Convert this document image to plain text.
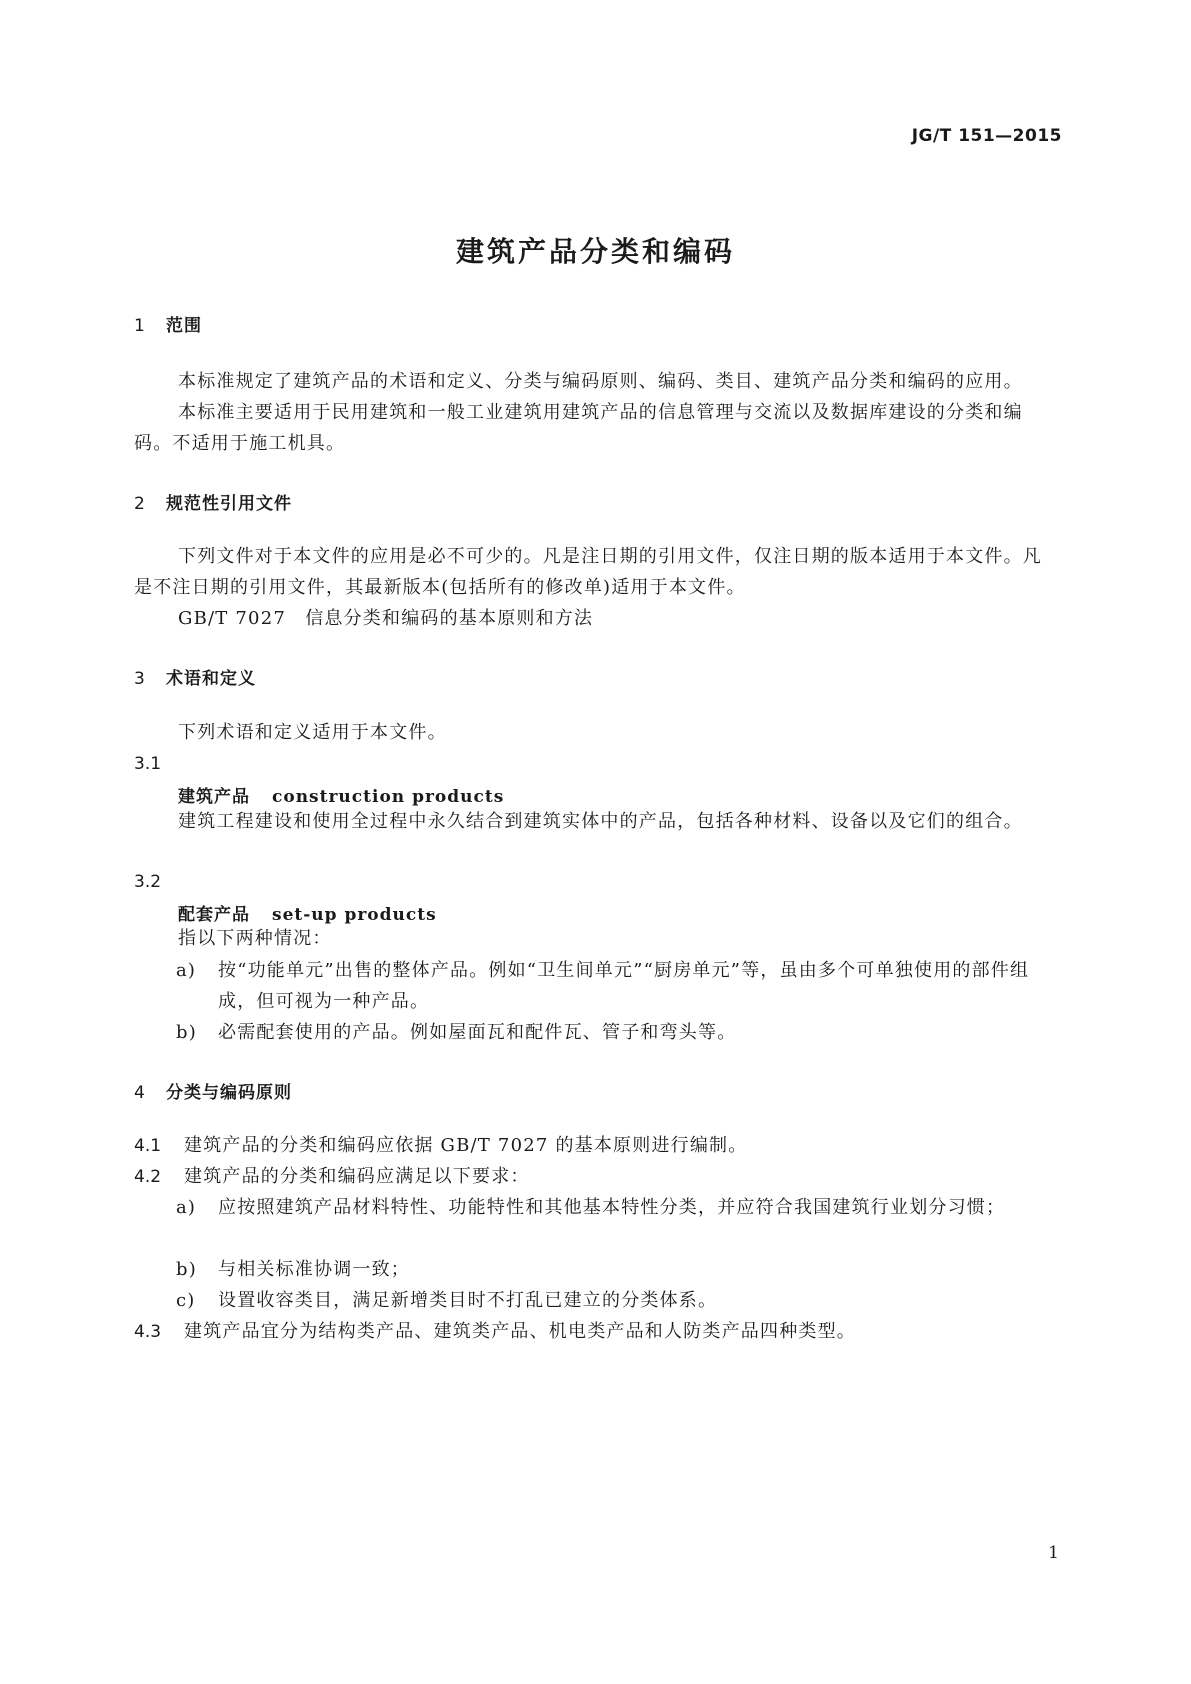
JG/T 151—2015
建筑产品分类和编码
1 范围
本标准规定了建筑产品的术语和定义、分类与编码原则、编码、类目、建筑产品分类和编码的应用。
本标准主要适用于民用建筑和一般工业建筑用建筑产品的信息管理与交流以及数据库建设的分类和编码。不适用于施工机具。
2 规范性引用文件
下列文件对于本文件的应用是必不可少的。凡是注日期的引用文件，仅注日期的版本适用于本文件。凡是不注日期的引用文件，其最新版本(包括所有的修改单)适用于本文件。
GB/T 7027　信息分类和编码的基本原则和方法
3 术语和定义
下列术语和定义适用于本文件。
3.1
建筑产品 construction products
建筑工程建设和使用全过程中永久结合到建筑实体中的产品，包括各种材料、设备以及它们的组合。
3.2
配套产品 set-up products
指以下两种情况：
a)	按“功能单元”出售的整体产品。例如“卫生间单元”“厨房单元”等，虽由多个可单独使用的部件组成，但可视为一种产品。
b)	必需配套使用的产品。例如屋面瓦和配件瓦、管子和弯头等。
4 分类与编码原则
4.1 建筑产品的分类和编码应依据 GB/T 7027 的基本原则进行编制。
4.2 建筑产品的分类和编码应满足以下要求：
a)	应按照建筑产品材料特性、功能特性和其他基本特性分类，并应符合我国建筑行业划分习惯；
b)	与相关标准协调一致；
c)	设置收容类目，满足新增类目时不打乱已建立的分类体系。
4.3 建筑产品宜分为结构类产品、建筑类产品、机电类产品和人防类产品四种类型。
1
